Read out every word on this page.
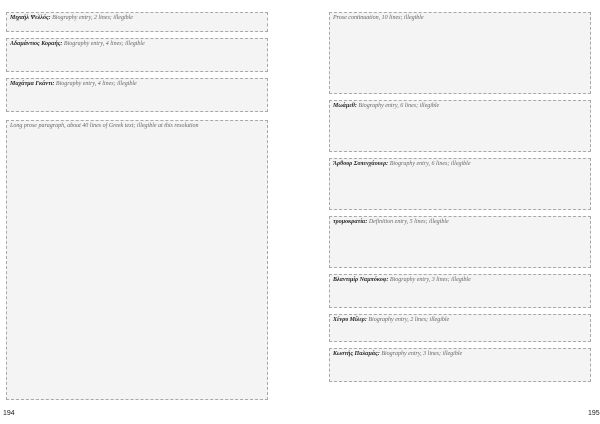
Μιχαήλ Ψελλός: Biography entry, 2 lines; illegible
Αδαμάντιος Κοραής: Biography entry, 4 lines; illegible
Μαχάτμα Γκάντι: Biography entry, 4 lines; illegible
Long prose paragraph, about 40 lines of Greek text; illegible at this resolution
Prose continuation, 10 lines; illegible
Μωάμεθ: Biography entry, 6 lines; illegible
Άρθουρ Σοπενχάουερ: Biography entry, 6 lines; illegible
τρομοκρατία: Definition entry, 5 lines; illegible
Βλαντιμίρ Ναμπόκοφ: Biography entry, 3 lines; illegible
Χένρυ Μίλερ: Biography entry, 2 lines; illegible
Κωστής Παλαμάς: Biography entry, 3 lines; illegible
194	195
